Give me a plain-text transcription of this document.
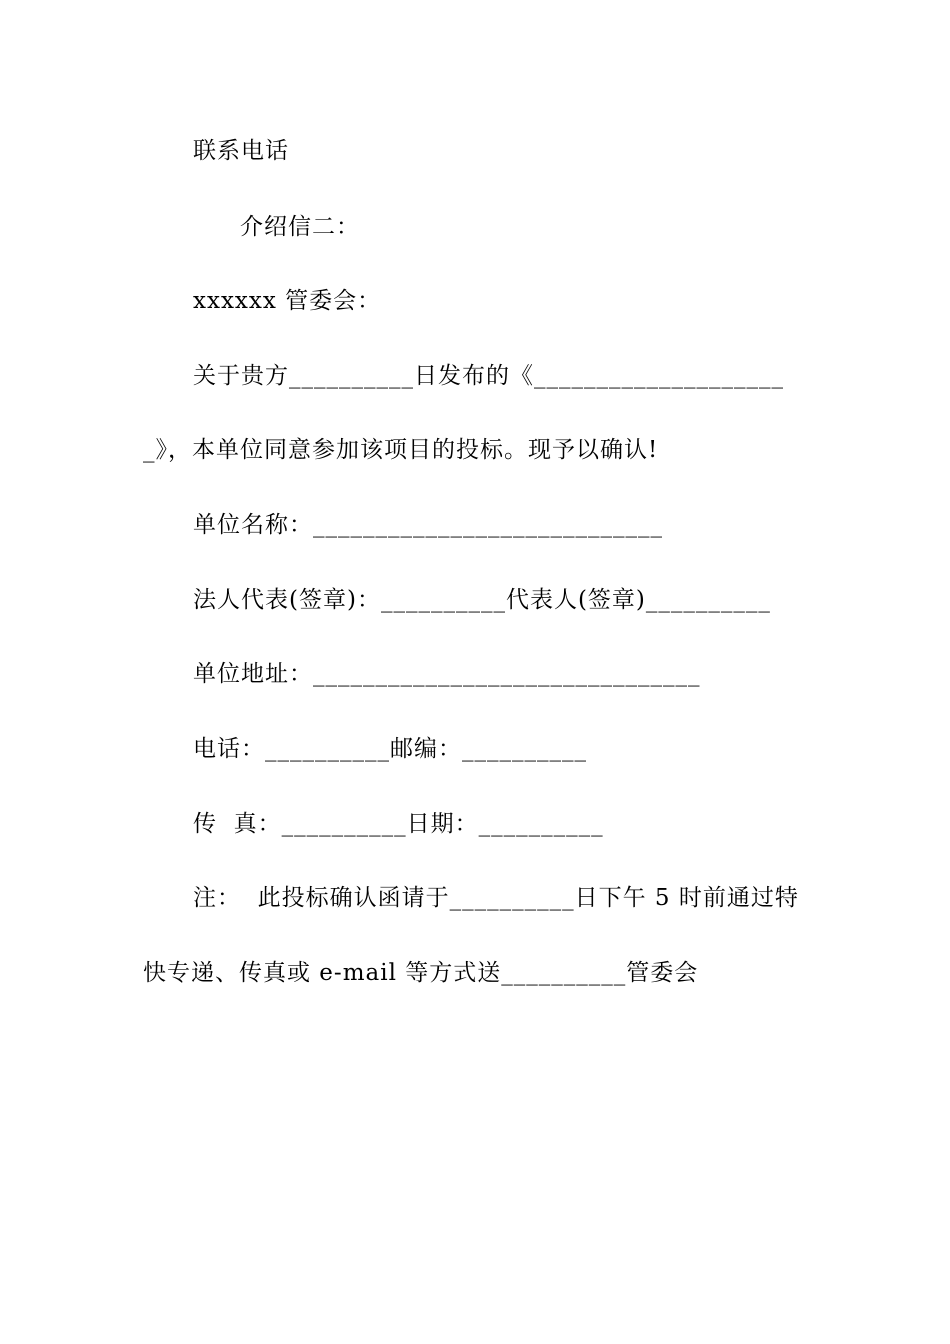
联系电话
介绍信二：
xxxxxx 管委会：
关于贵方__________日发布的《____________________
_》，本单位同意参加该项目的投标。现予以确认!
单位名称：____________________________
法人代表(签章)：__________代表人(签章)__________
单位地址：_______________________________
电话：__________邮编：__________
传  真：__________日期：__________
注：  此投标确认函请于__________日下午 5 时前通过特
快专递、传真或 e-mail 等方式送__________管委会
